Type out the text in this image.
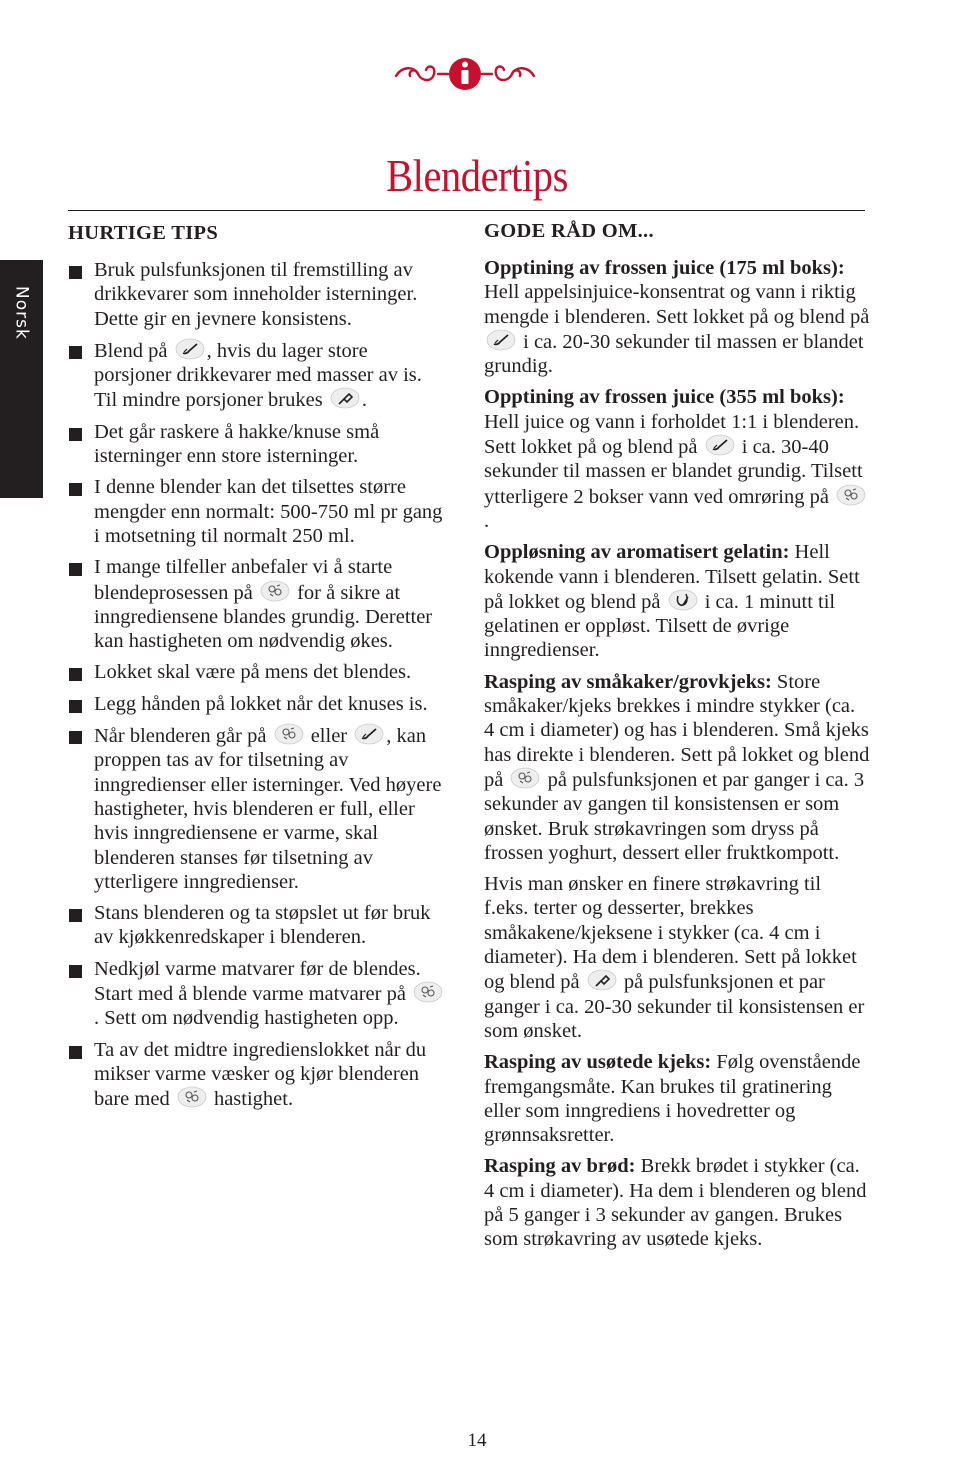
Blendertips
Norsk
HURTIGE TIPS
Bruk pulsfunksjonen til fremstilling av drikkevarer som inneholder isterninger. Dette gir en jevnere konsistens.
Blend på , hvis du lager store porsjoner drikkevarer med masser av is. Til mindre porsjoner brukes .
Det går raskere å hakke/knuse små isterninger enn store isterninger.
I denne blender kan det tilsettes større mengder enn normalt: 500-750 ml pr gang i motsetning til normalt 250 ml.
I mange tilfeller anbefaler vi å starte blendeprosessen på for å sikre at inngrediensene blandes grundig. Deretter kan hastigheten om nødvendig økes.
Lokket skal være på mens det blendes.
Legg hånden på lokket når det knuses is.
Når blenderen går på eller , kan proppen tas av for tilsetning av inngredienser eller isterninger. Ved høyere hastigheter, hvis blenderen er full, eller hvis inngrediensene er varme, skal blenderen stanses før tilsetning av ytterligere inngredienser.
Stans blenderen og ta støpslet ut før bruk av kjøkkenredskaper i blenderen.
Nedkjøl varme matvarer før de blendes. Start med å blende varme matvarer på
. Sett om nødvendig hastigheten opp.
Ta av det midtre ingredienslokket når du mikser varme væsker og kjør blenderen bare med hastighet.
GODE RÅD OM...

Opptining av frossen juice (175 ml boks): Hell appelsinjuice-konsentrat og vann i riktig mengde i blenderen. Sett lokket på og blend på
i ca. 20-30 sekunder til massen er blandet grundig.

Opptining av frossen juice (355 ml boks): Hell juice og vann i forholdet 1:1 i blenderen. Sett lokket på og blend på i ca. 30-40 sekunder til massen er blandet grundig. Tilsett ytterligere 2 bokser vann ved omrøring på
.

Oppløsning av aromatisert gelatin: Hell kokende vann i blenderen. Tilsett gelatin. Sett på lokket og blend på i ca. 1 minutt til gelatinen er oppløst. Tilsett de øvrige inngredienser.

Rasping av småkaker/grovkjeks: Store småkaker/kjeks brekkes i mindre stykker (ca. 4 cm i diameter) og has i blenderen. Små kjeks has direkte i blenderen. Sett på lokket og blend på på pulsfunksjonen et par ganger i ca. 3 sekunder av gangen til konsistensen er som ønsket. Bruk strøkavringen som dryss på frossen yoghurt, dessert eller fruktkompott.

Hvis man ønsker en finere strøkavring til f.eks. terter og desserter, brekkes småkakene/kjeksene i stykker (ca. 4 cm i diameter). Ha dem i blenderen. Sett på lokket og blend på på pulsfunksjonen et par ganger i ca. 20-30 sekunder til konsistensen er som ønsket.

Rasping av usøtede kjeks: Følg ovenstående fremgangsmåte. Kan brukes til gratinering eller som inngrediens i hovedretter og grønnsaksretter.

Rasping av brød: Brekk brødet i stykker (ca. 4 cm i diameter). Ha dem i blenderen og blend på 5 ganger i 3 sekunder av gangen. Brukes som strøkavring av usøtede kjeks.

14
